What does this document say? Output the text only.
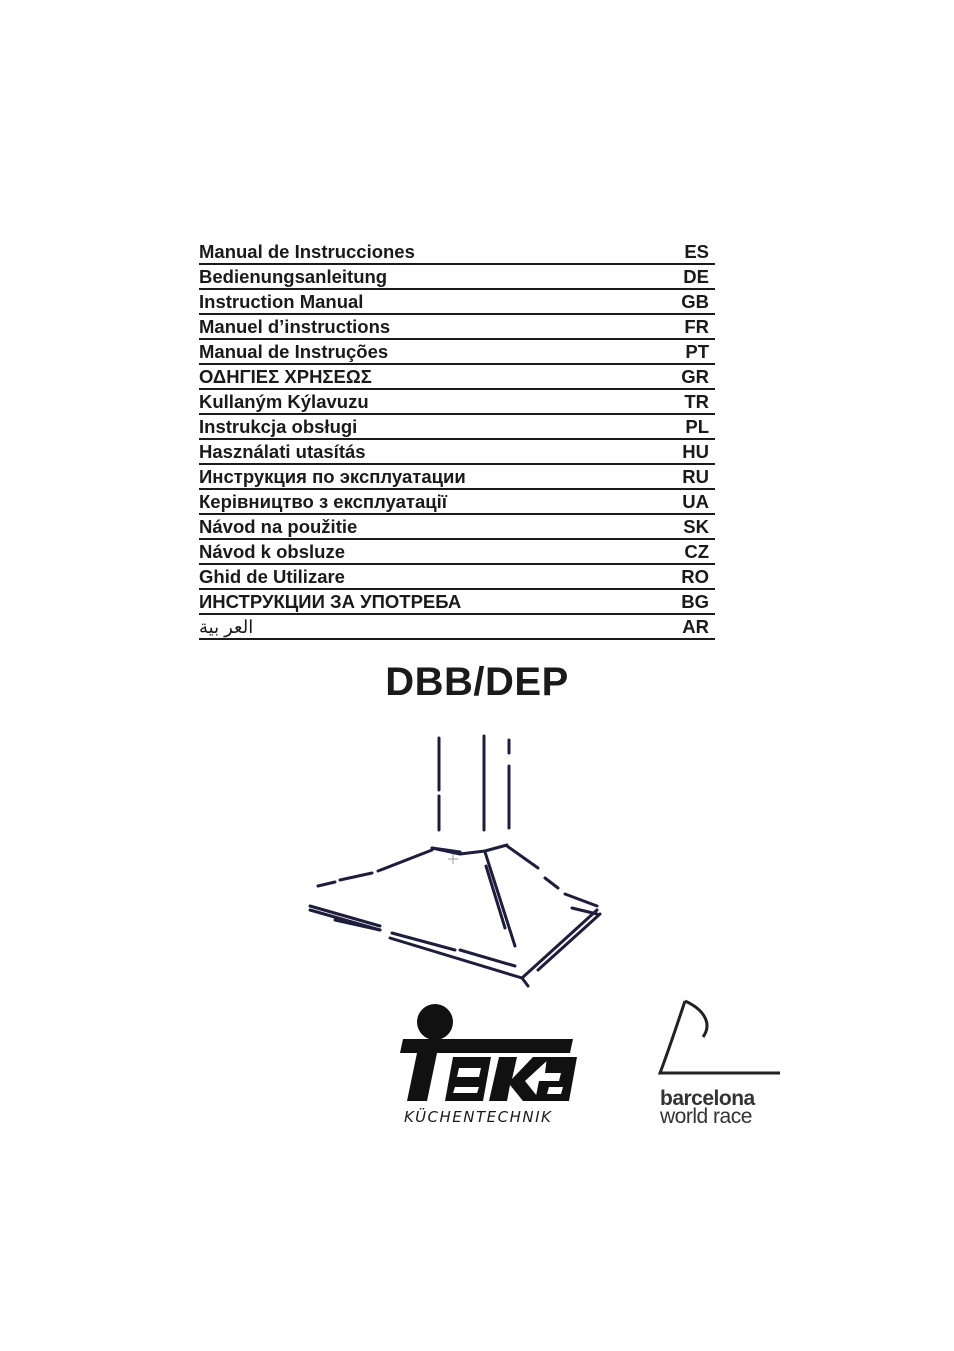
Manual de Instrucciones	ES
Bedienungsanleitung	DE
Instruction Manual	GB
Manuel d’instructions	FR
Manual de Instruções	PT
ΟΔΗΓΙΕΣ ΧΡΗΣΕΩΣ	GR
Kullaným Kýlavuzu	TR
Instrukcja obsługi	PL
Használati utasítás	HU
Инструкция по эксплуатации	RU
Керівництво з експлуатації	UA
Návod na použitie	SK
Návod k obsluze	CZ
Ghid de Utilizare	RO
ИНСТРУКЦИИ ЗА УПОТРЕБА	BG
العر بية	AR
DBB/DEP
KÜCHENTECHNIK
barcelona
world race
